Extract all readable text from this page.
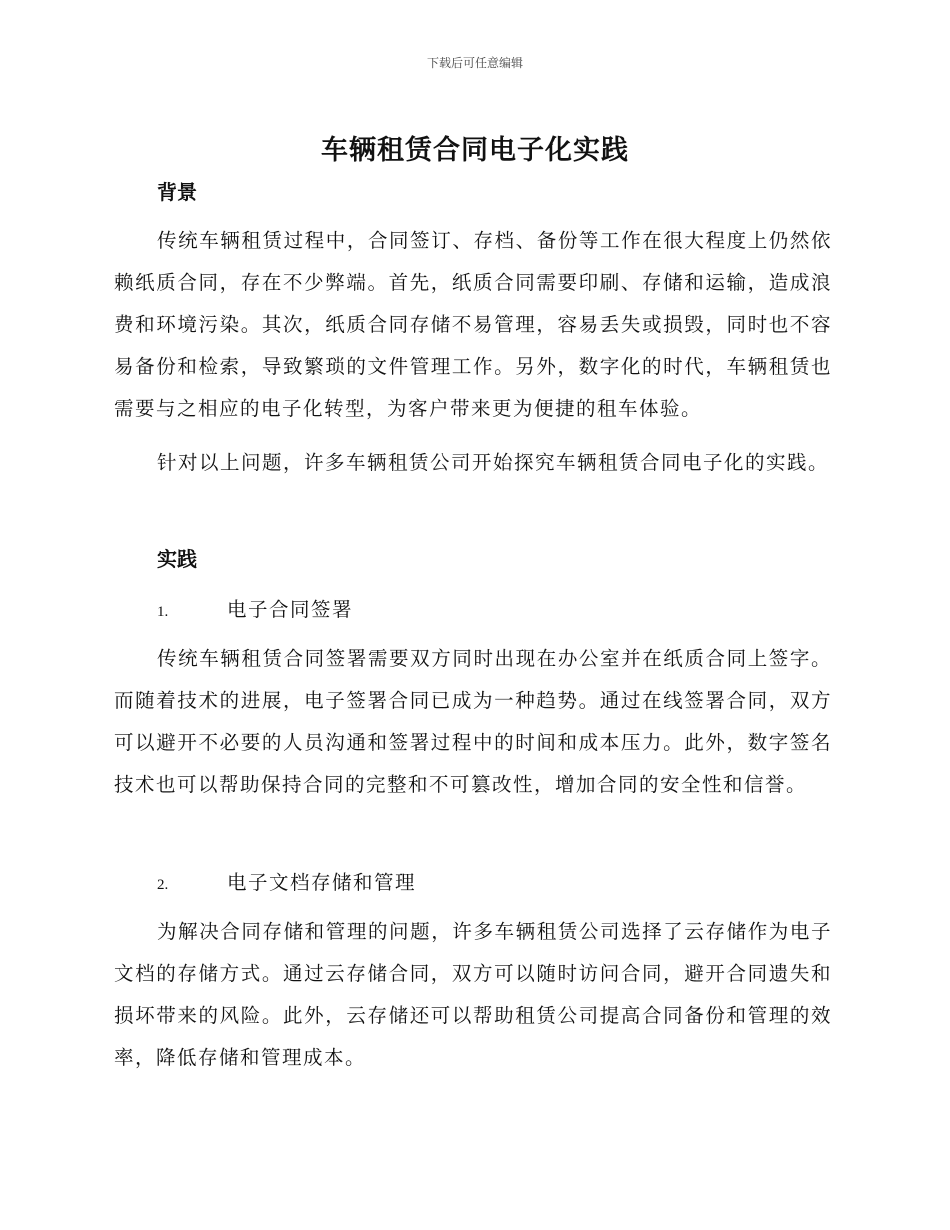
下载后可任意编辑
车辆租赁合同电子化实践
背景

传统车辆租赁过程中，合同签订、存档、备份等工作在很大程度上仍然依赖纸质合同，存在不少弊端。首先，纸质合同需要印刷、存储和运输，造成浪费和环境污染。其次，纸质合同存储不易管理，容易丢失或损毁，同时也不容易备份和检索，导致繁琐的文件管理工作。另外，数字化的时代，车辆租赁也需要与之相应的电子化转型，为客户带来更为便捷的租车体验。

针对以上问题，许多车辆租赁公司开始探究车辆租赁合同电子化的实践。

实践
1.	电子合同签署

传统车辆租赁合同签署需要双方同时出现在办公室并在纸质合同上签字。而随着技术的进展，电子签署合同已成为一种趋势。通过在线签署合同，双方可以避开不必要的人员沟通和签署过程中的时间和成本压力。此外，数字签名技术也可以帮助保持合同的完整和不可篡改性，增加合同的安全性和信誉。

2.	电子文档存储和管理

为解决合同存储和管理的问题，许多车辆租赁公司选择了云存储作为电子文档的存储方式。通过云存储合同，双方可以随时访问合同，避开合同遗失和损坏带来的风险。此外，云存储还可以帮助租赁公司提高合同备份和管理的效率，降低存储和管理成本。
